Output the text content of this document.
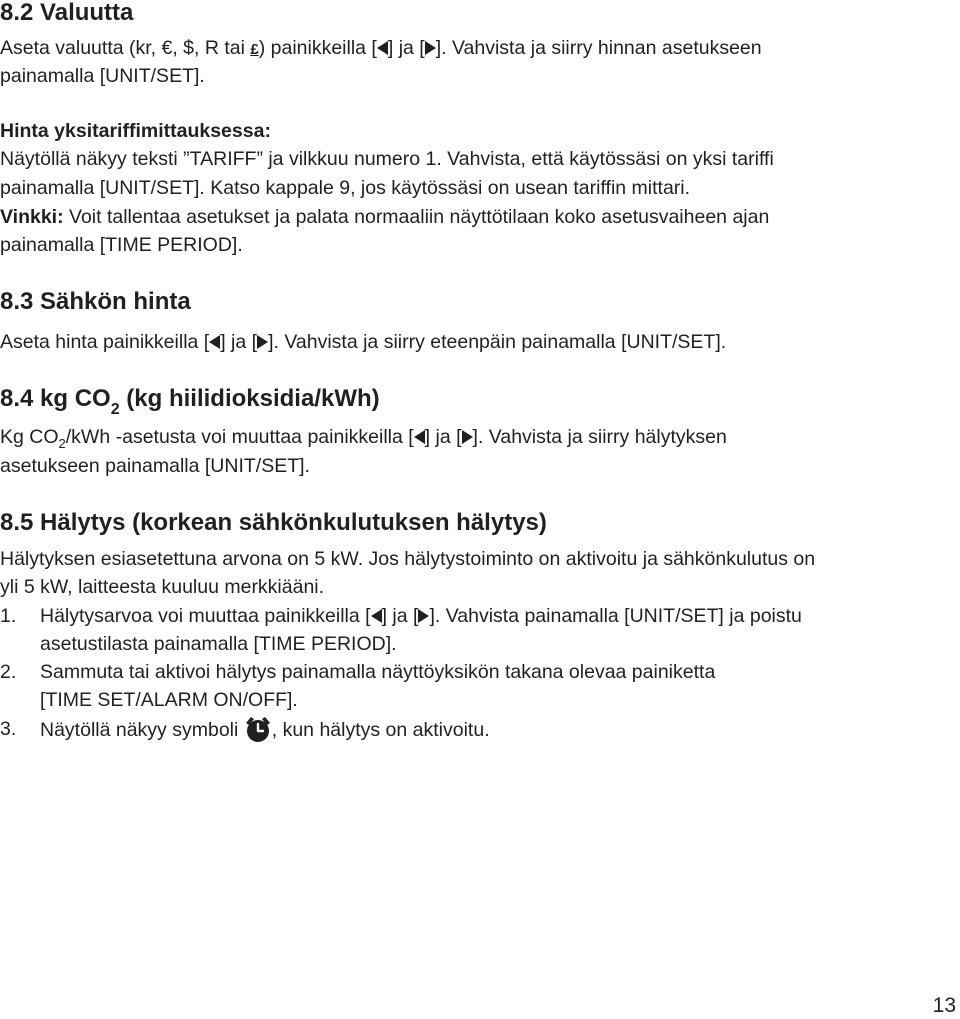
8.2 Valuutta
Aseta valuutta (kr, €, $, R tai £) painikkeilla [ ] ja [ ]. Vahvista ja siirry hinnan asetukseen
painamalla [UNIT/SET].
Hinta yksitariffimittauksessa:
Näytöllä näkyy teksti ”TARIFF” ja vilkkuu numero 1. Vahvista, että käytössäsi on yksi tariffi
painamalla [UNIT/SET]. Katso kappale 9, jos käytössäsi on usean tariffin mittari.
Vinkki: Voit tallentaa asetukset ja palata normaaliin näyttötilaan koko asetusvaiheen ajan
painamalla [TIME PERIOD].
8.3 Sähkön hinta
Aseta hinta painikkeilla [ ] ja [ ]. Vahvista ja siirry eteenpäin painamalla [UNIT/SET].
8.4 kg $CO_2$ (kg hiilidioksidia/kWh)
Kg $CO_2$/kWh -asetusta voi muuttaa painikkeilla [ ] ja [ ]. Vahvista ja siirry hälytyksen
asetukseen painamalla [UNIT/SET].
8.5 Hälytys (korkean sähkönkulutuksen hälytys)
Hälytyksen esiasetettuna arvona on 5 kW. Jos hälytystoiminto on aktivoitu ja sähkönkulutus on
yli 5 kW, laitteesta kuuluu merkkiääni.
1. Hälytysarvoa voi muuttaa painikkeilla [ ] ja [ ]. Vahvista painamalla [UNIT/SET] ja poistu
asetustilasta painamalla [TIME PERIOD].
2. Sammuta tai aktivoi hälytys painamalla näyttöyksikön takana olevaa painiketta
[TIME SET/ALARM ON/OFF].
3. Näytöllä näkyy symboli , kun hälytys on aktivoitu.
13
